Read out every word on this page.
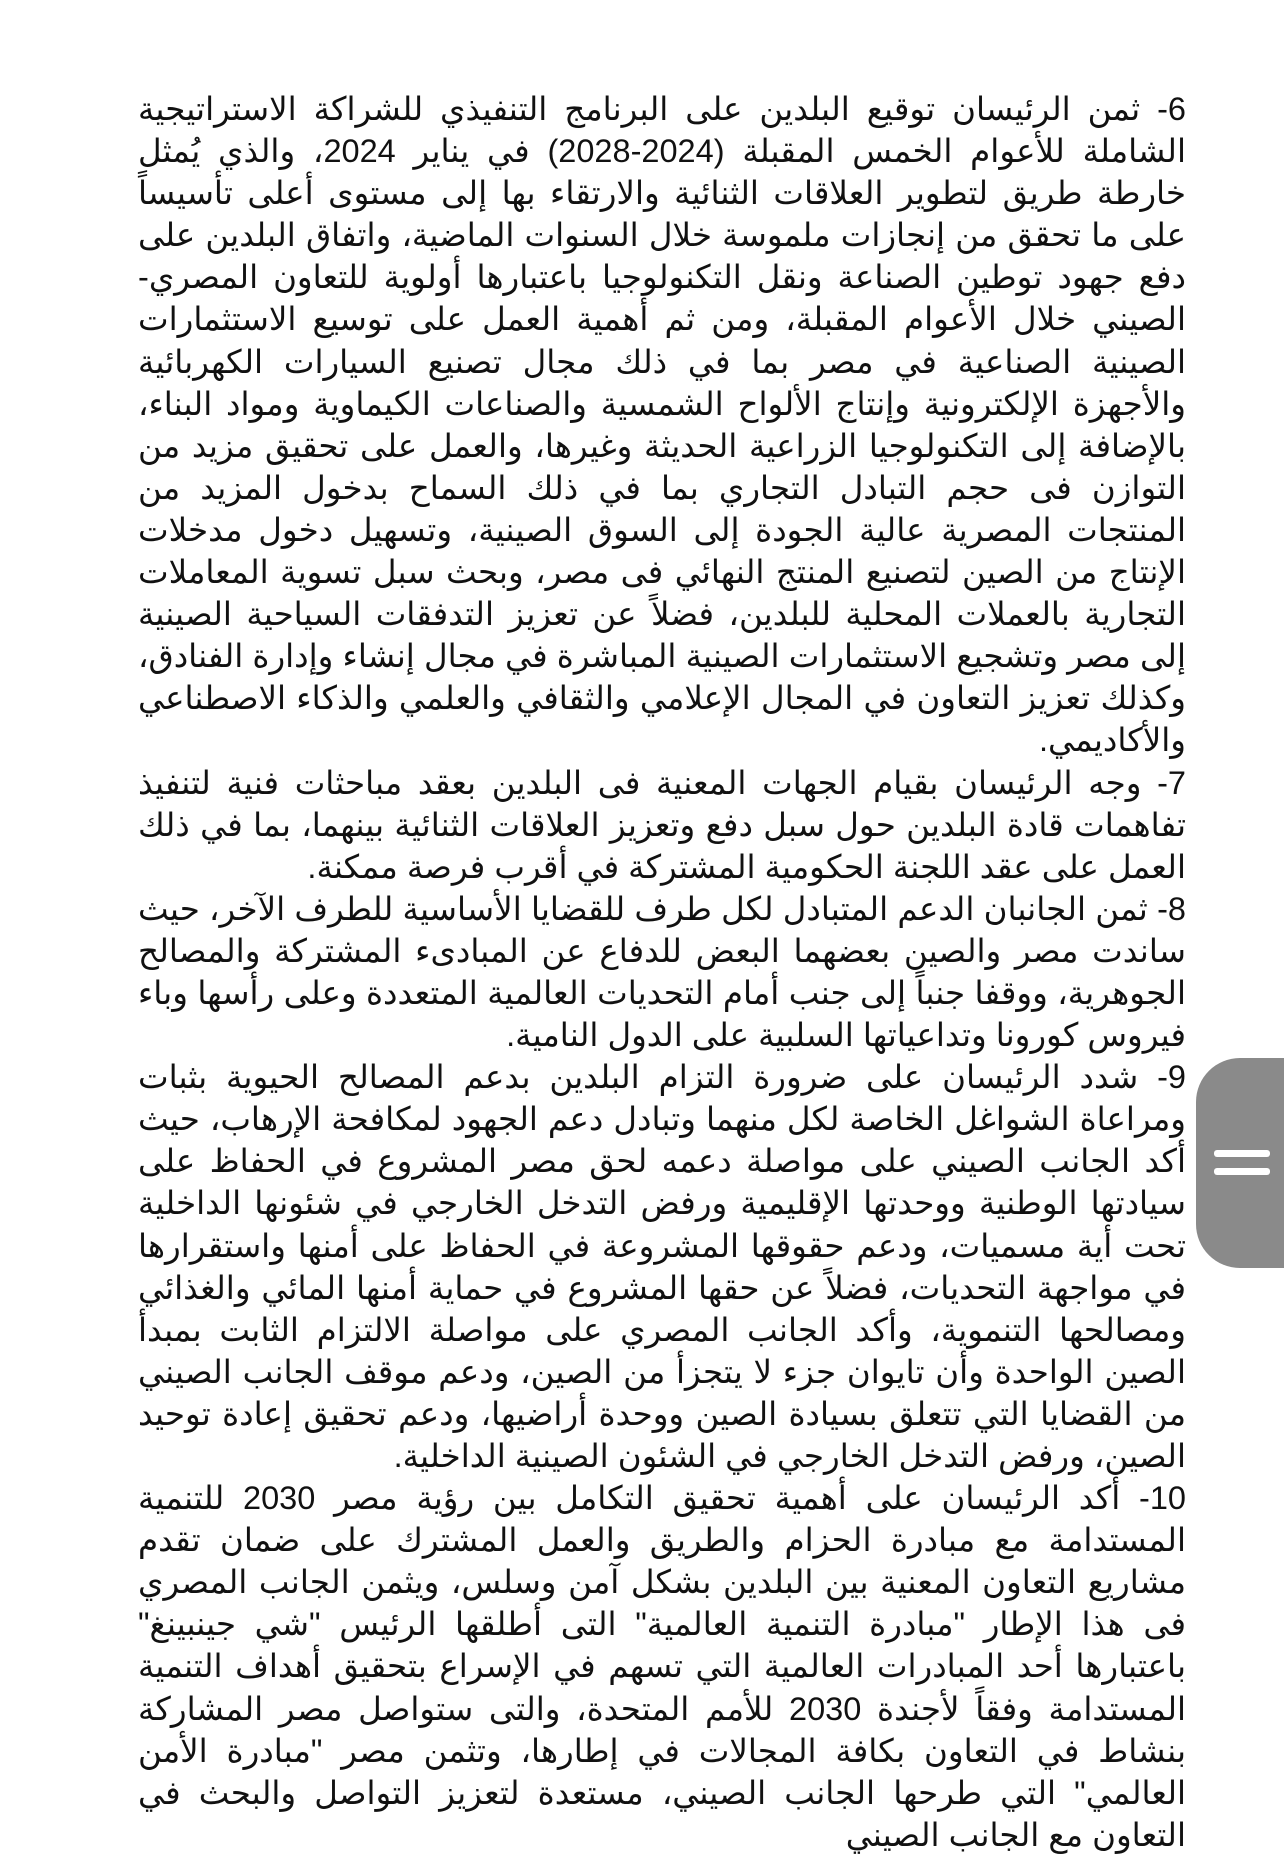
6- ثمن الرئيسان توقيع البلدين على البرنامج التنفيذي للشراكة الاستراتيجية الشاملة للأعوام الخمس المقبلة (2024-2028) في يناير 2024، والذي يُمثل خارطة طريق لتطوير العلاقات الثنائية والارتقاء بها إلى مستوى أعلى تأسيساً على ما تحقق من إنجازات ملموسة خلال السنوات الماضية، واتفاق البلدين على دفع جهود توطين الصناعة ونقل التكنولوجيا باعتبارها أولوية للتعاون المصري-الصيني خلال الأعوام المقبلة، ومن ثم أهمية العمل على توسيع الاستثمارات الصينية الصناعية في مصر بما في ذلك مجال تصنيع السيارات الكهربائية والأجهزة الإلكترونية وإنتاج الألواح الشمسية والصناعات الكيماوية ومواد البناء، بالإضافة إلى التكنولوجيا الزراعية الحديثة وغيرها، والعمل على تحقيق مزيد من التوازن فى حجم التبادل التجاري بما في ذلك السماح بدخول المزيد من المنتجات المصرية عالية الجودة إلى السوق الصينية، وتسهيل دخول مدخلات الإنتاج من الصين لتصنيع المنتج النهائي فى مصر، وبحث سبل تسوية المعاملات التجارية بالعملات المحلية للبلدين، فضلاً عن تعزيز التدفقات السياحية الصينية إلى مصر وتشجيع الاستثمارات الصينية المباشرة في مجال إنشاء وإدارة الفنادق، وكذلك تعزيز التعاون في المجال الإعلامي والثقافي والعلمي والذكاء الاصطناعي والأكاديمي.

7- وجه الرئيسان بقيام الجهات المعنية فى البلدين بعقد مباحثات فنية لتنفيذ تفاهمات قادة البلدين حول سبل دفع وتعزيز العلاقات الثنائية بينهما، بما في ذلك العمل على عقد اللجنة الحكومية المشتركة في أقرب فرصة ممكنة.

8- ثمن الجانبان الدعم المتبادل لكل طرف للقضايا الأساسية للطرف الآخر، حيث ساندت مصر والصين بعضهما البعض للدفاع عن المبادىء المشتركة والمصالح الجوهرية، ووقفا جنباً إلى جنب أمام التحديات العالمية المتعددة وعلى رأسها وباء فيروس كورونا وتداعياتها السلبية على الدول النامية.

9- شدد الرئيسان على ضرورة التزام البلدين بدعم المصالح الحيوية بثبات ومراعاة الشواغل الخاصة لكل منهما وتبادل دعم الجهود لمكافحة الإرهاب، حيث أكد الجانب الصيني على مواصلة دعمه لحق مصر المشروع في الحفاظ على سيادتها الوطنية ووحدتها الإقليمية ورفض التدخل الخارجي في شئونها الداخلية تحت أية مسميات، ودعم حقوقها المشروعة في الحفاظ على أمنها واستقرارها في مواجهة التحديات، فضلاً عن حقها المشروع في حماية أمنها المائي والغذائي ومصالحها التنموية، وأكد الجانب المصري على مواصلة الالتزام الثابت بمبدأ الصين الواحدة وأن تايوان جزء لا يتجزأ من الصين، ودعم موقف الجانب الصيني من القضايا التي تتعلق بسيادة الصين ووحدة أراضيها، ودعم تحقيق إعادة توحيد الصين، ورفض التدخل الخارجي في الشئون الصينية الداخلية.

10- أكد الرئيسان على أهمية تحقيق التكامل بين رؤية مصر 2030 للتنمية المستدامة مع مبادرة الحزام والطريق والعمل المشترك على ضمان تقدم مشاريع التعاون المعنية بين البلدين بشكل آمن وسلس، ويثمن الجانب المصري فى هذا الإطار "مبادرة التنمية العالمية" التى أطلقها الرئيس "شي جينبينغ" باعتبارها أحد المبادرات العالمية التي تسهم في الإسراع بتحقيق أهداف التنمية المستدامة وفقاً لأجندة 2030 للأمم المتحدة، والتى ستواصل مصر المشاركة بنشاط في التعاون بكافة المجالات في إطارها، وتثمن مصر "مبادرة الأمن العالمي" التي طرحها الجانب الصيني، مستعدة لتعزيز التواصل والبحث في التعاون مع الجانب الصيني
